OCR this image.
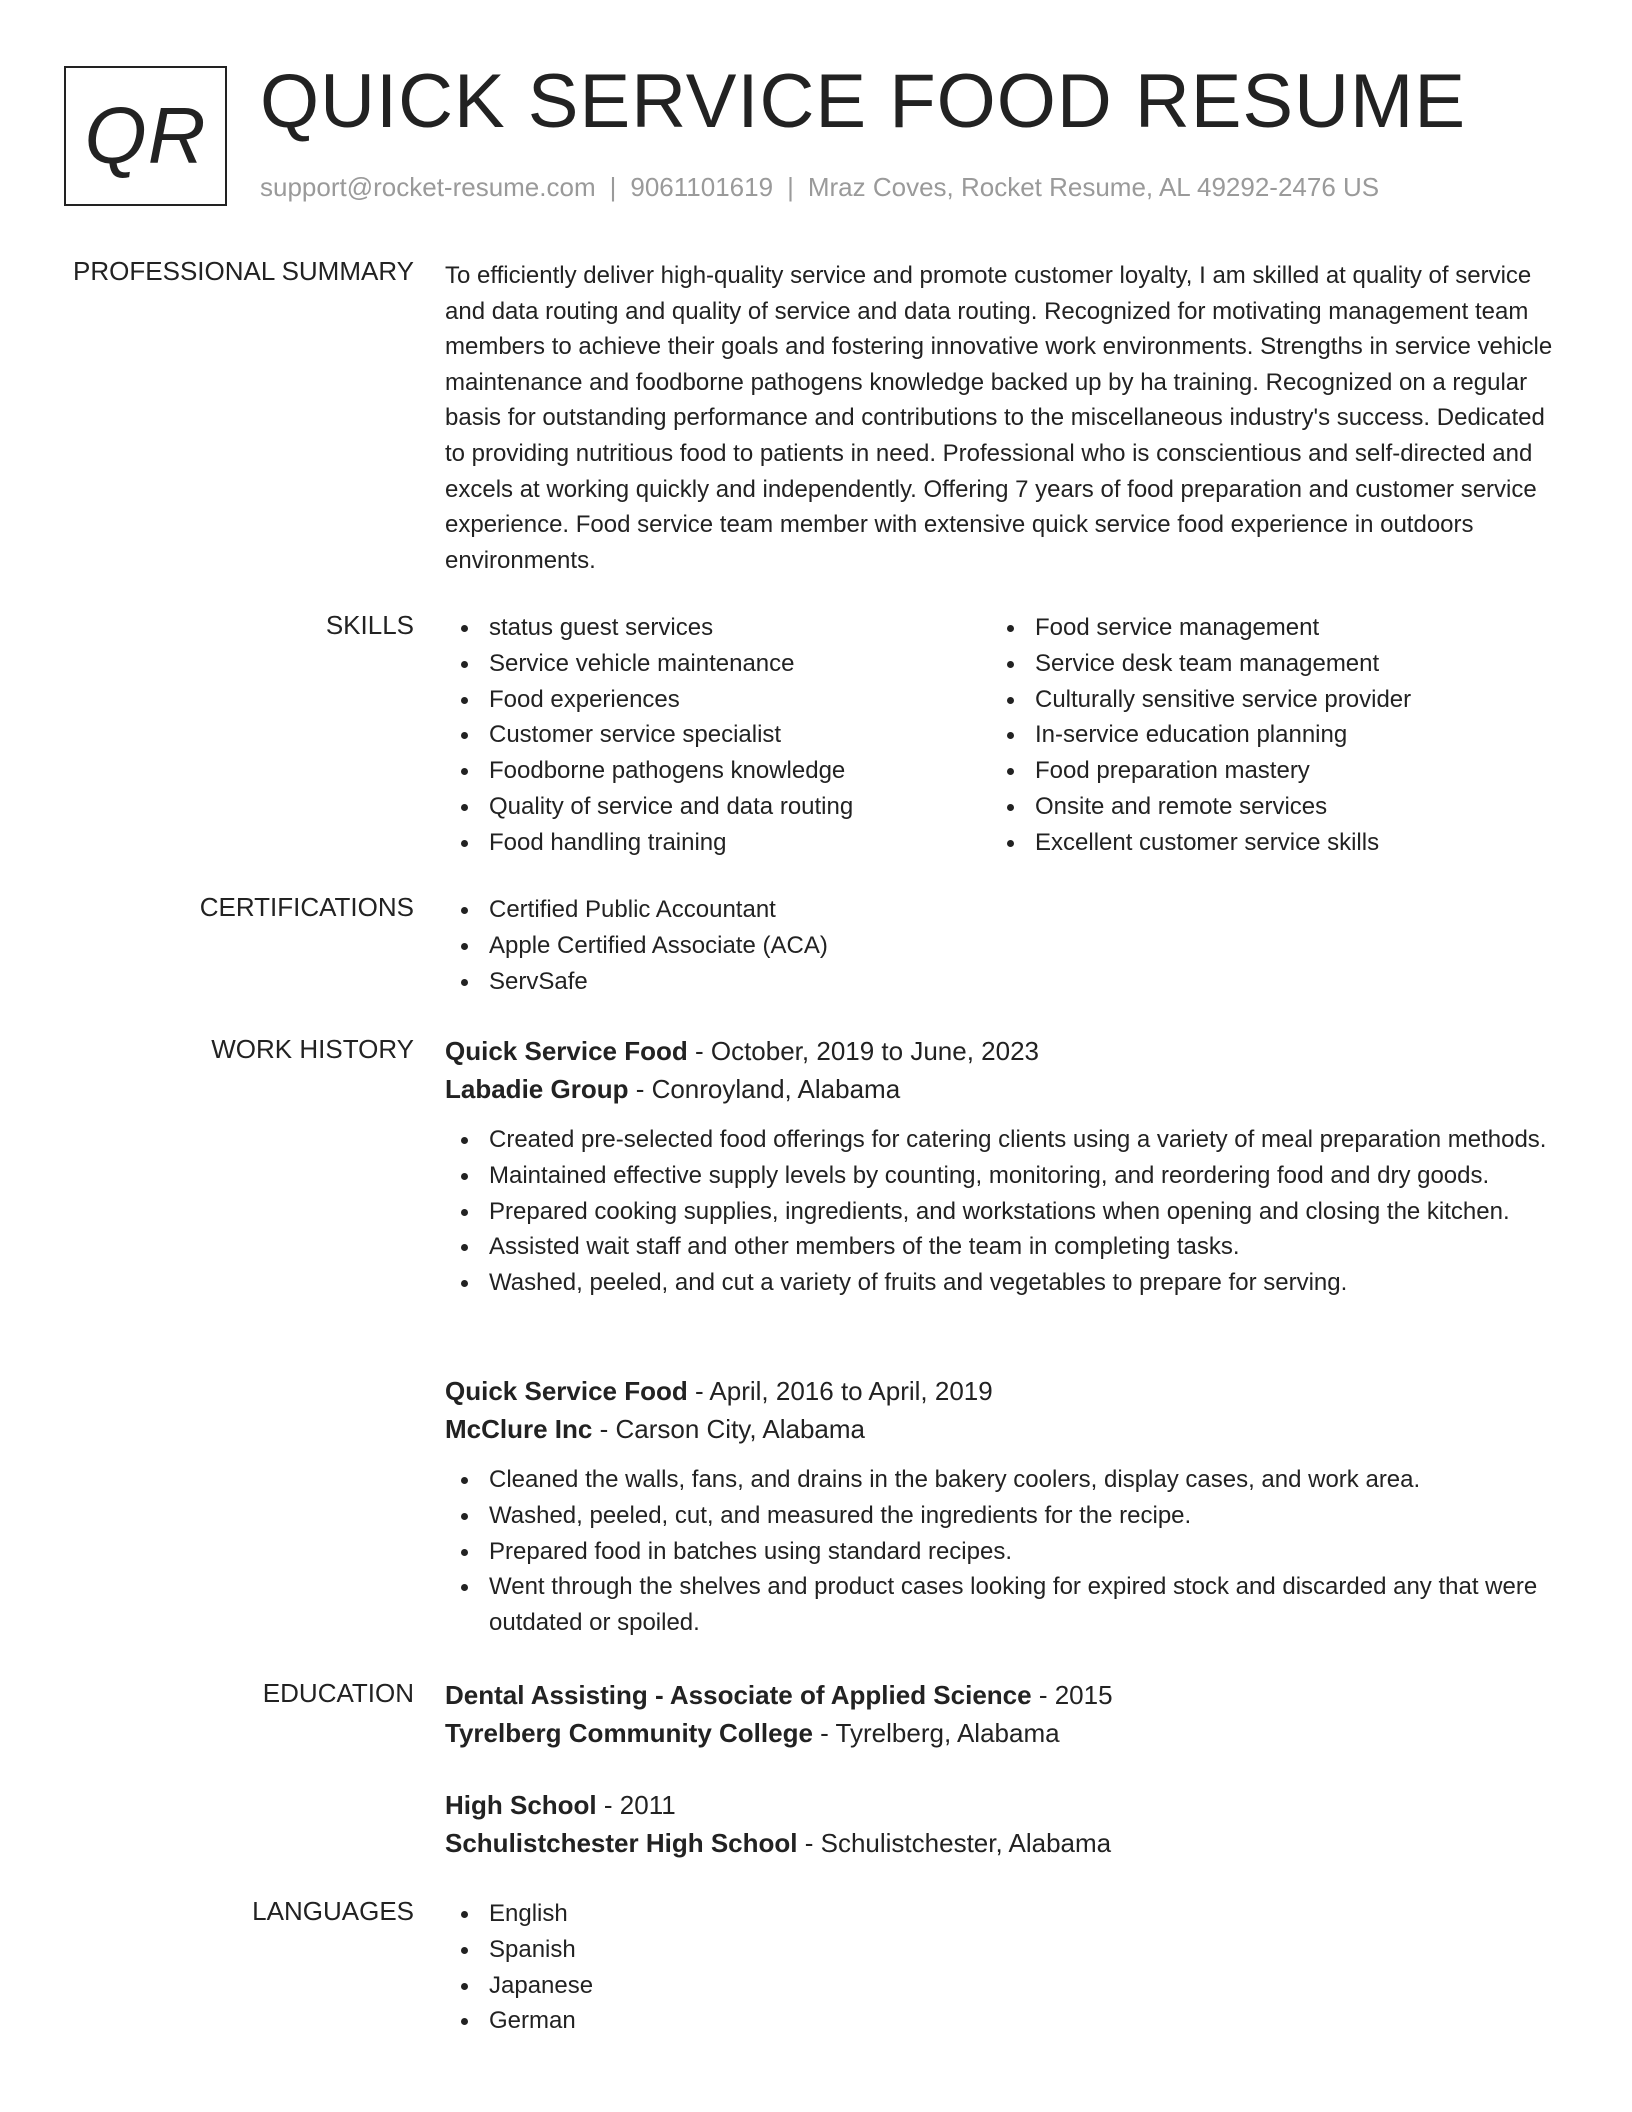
QR QUICK SERVICE FOOD RESUME
support@rocket-resume.com | 9061101619 | Mraz Coves, Rocket Resume, AL 49292-2476 US
PROFESSIONAL SUMMARY To efficiently deliver high-quality service and promote customer loyalty, I am skilled at quality of service and data routing and quality of service and data routing. Recognized for motivating management team members to achieve their goals and fostering innovative work environments. Strengths in service vehicle maintenance and foodborne pathogens knowledge backed up by ha training. Recognized on a regular basis for outstanding performance and contributions to the miscellaneous industry's success. Dedicated to providing nutritious food to patients in need. Professional who is conscientious and self-directed and excels at working quickly and independently. Offering 7 years of food preparation and customer service experience. Food service team member with extensive quick service food experience in outdoors environments.
SKILLS	status guest services
Service vehicle maintenance
Food experiences
Customer service specialist
Foodborne pathogens knowledge
Quality of service and data routing
Food handling training
Food service management
Service desk team management
Culturally sensitive service provider
In-service education planning
Food preparation mastery
Onsite and remote services
Excellent customer service skills
CERTIFICATIONS	Certified Public Accountant
Apple Certified Associate (ACA)
ServSafe
WORK HISTORY Quick Service Food - October, 2019 to June, 2023
Labadie Group - Conroyland, Alabama
Created pre-selected food offerings for catering clients using a variety of meal preparation methods.
Maintained effective supply levels by counting, monitoring, and reordering food and dry goods.
Prepared cooking supplies, ingredients, and workstations when opening and closing the kitchen.
Assisted wait staff and other members of the team in completing tasks.
Washed, peeled, and cut a variety of fruits and vegetables to prepare for serving.
Quick Service Food - April, 2016 to April, 2019
McClure Inc - Carson City, Alabama
Cleaned the walls, fans, and drains in the bakery coolers, display cases, and work area.
Washed, peeled, cut, and measured the ingredients for the recipe.
Prepared food in batches using standard recipes.
Went through the shelves and product cases looking for expired stock and discarded any that were outdated or spoiled.
EDUCATION Dental Assisting - Associate of Applied Science - 2015
Tyrelberg Community College - Tyrelberg, Alabama
High School - 2011
Schulistchester High School - Schulistchester, Alabama
LANGUAGES	English
Spanish
Japanese
German
